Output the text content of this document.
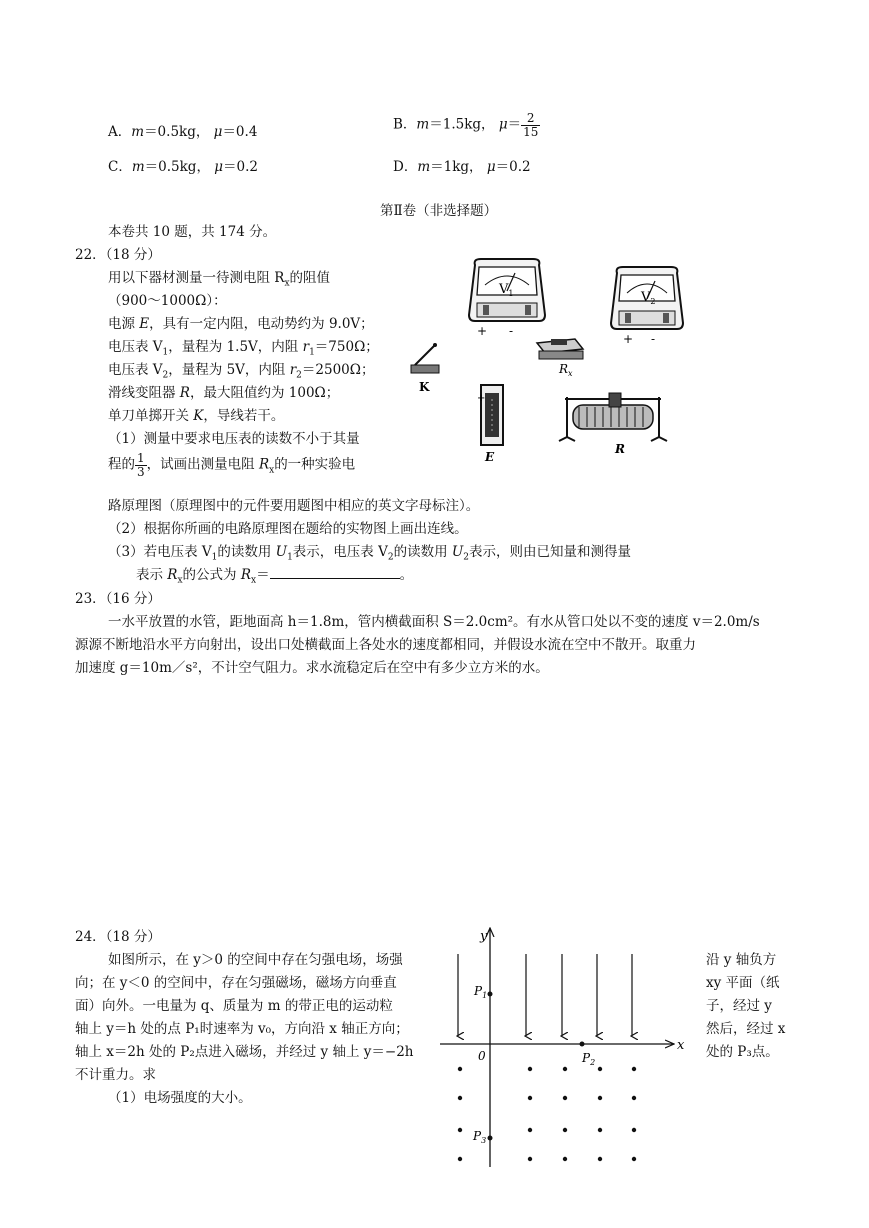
A．m＝0.5kg， μ＝0.4	B．m＝1.5kg， $\mu= \frac{2}{15}$
C．m＝0.5kg， μ＝0.2	D．m＝1kg， μ＝0.2
第Ⅱ卷（非选择题）
本卷共 10 题，共 174 分。
22．（18 分）
用以下器材测量一待测电阻 $R_x$的阻值
（900～1000Ω）：
电源 E，具有一定内阻，电动势约为 9.0V；
电压表 $V_1$，量程为 1.5V，内阻 $r_1=750\Omega$；
电压表 $V_2$，量程为 5V，内阻 $r_2=2500\Omega$；
滑线变阻器 R，最大阻值约为 100Ω；
单刀单掷开关 K，导线若干。
（1）测量中要求电压表的读数不小于其量
程的 $\frac{1}{3}$ ，试画出测量电阻 $R_x$的一种实验电
路原理图（原理图中的元件要用题图中相应的英文字母标注）。
（2）根据你所画的电路原理图在题给的实物图上画出连线。
（3）若电压表 $V_1$的读数用 $U_1$表示，电压表 $V_2$的读数用 $U_2$表示，则由已知量和测得量
表示 $R_x$的公式为 $R_x=$	。
$V_1$
+ -
$V_2$
+ -
$R_x$
K
+
E
R
23．（16 分）
一水平放置的水管，距地面高 h＝1.8m，管内横截面积 S＝2.0cm²。有水从管口处以不变的速度 v＝2.0m/s
源源不断地沿水平方向射出，设出口处横截面上各处水的速度都相同，并假设水流在空中不散开。取重力
加速度 g＝10m／s²，不计空气阻力。求水流稳定后在空中有多少立方米的水。
24．（18 分）
如图所示，在 y＞0 的空间中存在匀强电场，场强
向；在 y＜0 的空间中，存在匀强磁场，磁场方向垂直
面）向外。一电量为 q、质量为 m 的带正电的运动粒
轴上 y＝h 处的点 P₁时速率为 v₀，方向沿 x 轴正方向；
轴上 x＝2h 处的 P₂点进入磁场，并经过 y 轴上 y＝−2h
不计重力。求
（1）电场强度的大小。
沿 y 轴负方
xy 平面（纸
子，经过 y
然后，经过 x
处的 P₃点。
y
x
0
$P_1$
$P_2$
$P_3$
